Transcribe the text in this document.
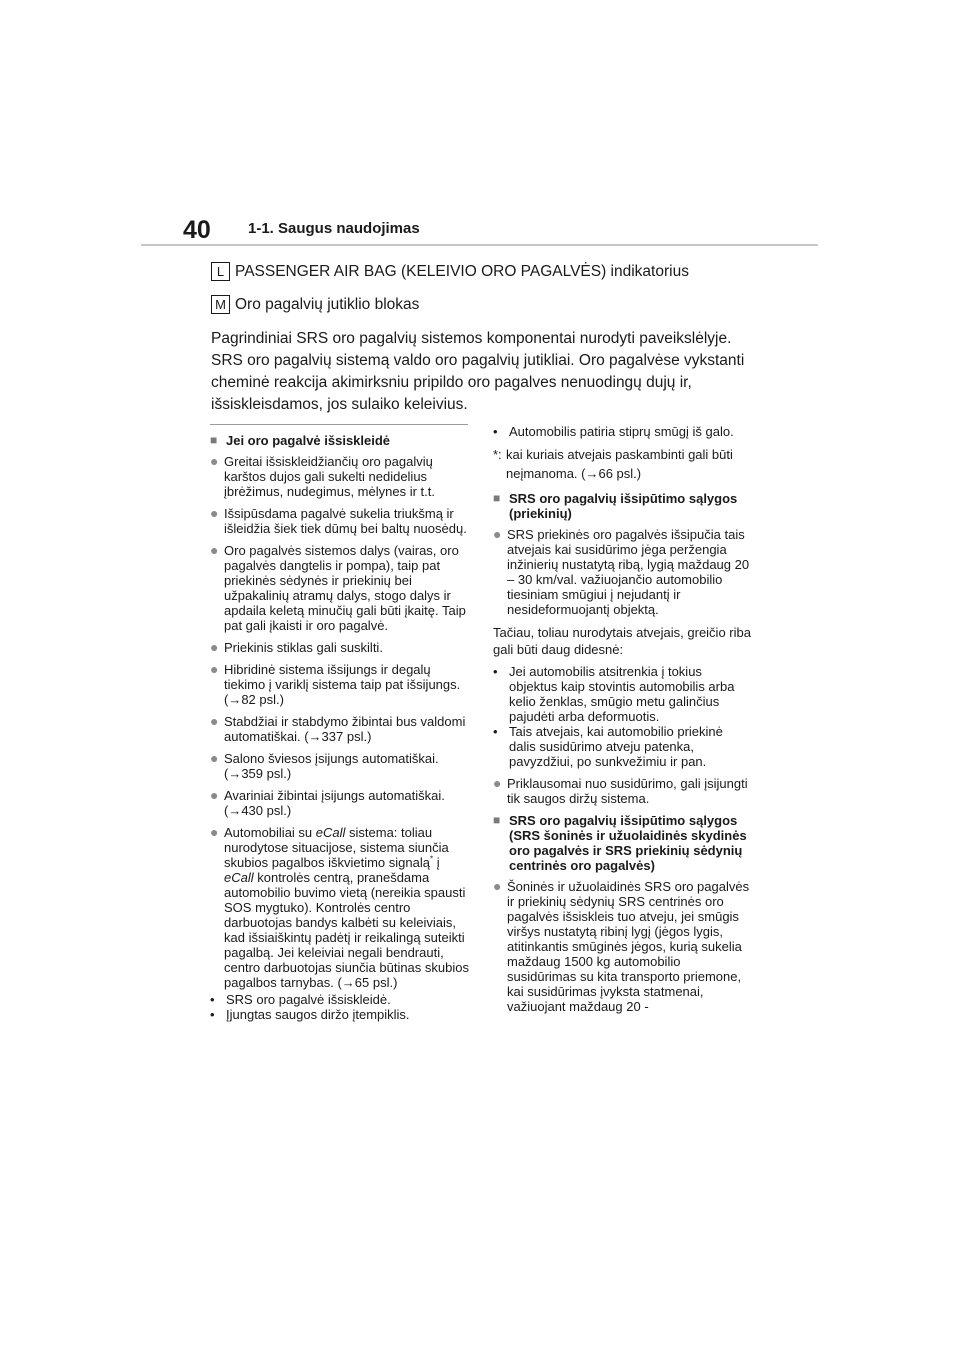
40 1-1. Saugus naudojimas
L PASSENGER AIR BAG (KELEIVIO ORO PAGALVĖS) indikatorius
M Oro pagalvių jutiklio blokas
Pagrindiniai SRS oro pagalvių sistemos komponentai nurodyti paveikslėlyje. SRS oro pagalvių sistemą valdo oro pagalvių jutikliai. Oro pagalvėse vykstanti cheminė reakcija akimirksniu pripildo oro pagalves nenuodingų dujų ir, išsiskleisdamos, jos sulaiko keleivius.
■ Jei oro pagalvė išsiskleidė
● Greitai išsiskleidžiančių oro pagalvių karštos dujos gali sukelti nedidelius įbrėžimus, nudegimus, mėlynes ir t.t.
● Išsipūsdama pagalvė sukelia triukšmą ir išleidžia šiek tiek dūmų bei baltų nuosėdų.
● Oro pagalvės sistemos dalys (vairas, oro pagalvės dangtelis ir pompa), taip pat priekinės sėdynės ir priekinių bei užpakalinių atramų dalys, stogo dalys ir apdaila keletą minučių gali būti įkaitę. Taip pat gali įkaisti ir oro pagalvė.
● Priekinis stiklas gali suskilti.
● Hibridinė sistema išsijungs ir degalų tiekimo į variklį sistema taip pat išsijungs. (→82 psl.)
● Stabdžiai ir stabdymo žibintai bus valdomi automatiškai. (→337 psl.)
● Salono šviesos įsijungs automatiškai. (→359 psl.)
● Avariniai žibintai įsijungs automatiškai. (→430 psl.)
● Automobiliai su eCall sistema: toliau nurodytose situacijose, sistema siunčia skubios pagalbos iškvietimo signalą* į eCall kontrolės centrą, pranešdama automobilio buvimo vietą (nereikia spausti SOS mygtuko). Kontrolės centro darbuotojas bandys kalbėti su keleiviais, kad išsiaiškintų padėtį ir reikalingą suteikti pagalbą. Jei keleiviai negali bendrauti, centro darbuotojas siunčia būtinas skubios pagalbos tarnybas. (→65 psl.)
• SRS oro pagalvė išsiskleidė.
• Įjungtas saugos diržo įtempiklis.
• Automobilis patiria stiprų smūgį iš galo.
*: kai kuriais atvejais paskambinti gali būti neįmanoma. (→66 psl.)
■ SRS oro pagalvių išsipūtimo sąlygos (priekinių)
● SRS priekinės oro pagalvės išsipučia tais atvejais kai susidūrimo jėga peržengia inžinierių nustatytą ribą, lygią maždaug 20 – 30 km/val. važiuojančio automobilio tiesiniam smūgiui į nejudantį ir nesideformuojantį objektą.
Tačiau, toliau nurodytais atvejais, greičio riba gali būti daug didesnė:
• Jei automobilis atsitrenkia į tokius objektus kaip stovintis automobilis arba kelio ženklas, smūgio metu galinčius pajudėti arba deformuotis.
• Tais atvejais, kai automobilio priekinė dalis susidūrimo atveju patenka, pavyzdžiui, po sunkvežimiu ir pan.
● Priklausomai nuo susidūrimo, gali įsijungti tik saugos diržų sistema.
■ SRS oro pagalvių išsipūtimo sąlygos (SRS šoninės ir užuolaidinės skydinės oro pagalvės ir SRS priekinių sėdynių centrinės oro pagalvės)
● Šoninės ir užuolaidinės SRS oro pagalvės ir priekinių sėdynių SRS centrinės oro pagalvės išsiskleis tuo atveju, jei smūgis viršys nustatytą ribinį lygį (jėgos lygis, atitinkantis smūginės jėgos, kurią sukelia maždaug 1500 kg automobilio susidūrimas su kita transporto priemone, kai susidūrimas įvyksta statmenai, važiuojant maždaug 20 -
